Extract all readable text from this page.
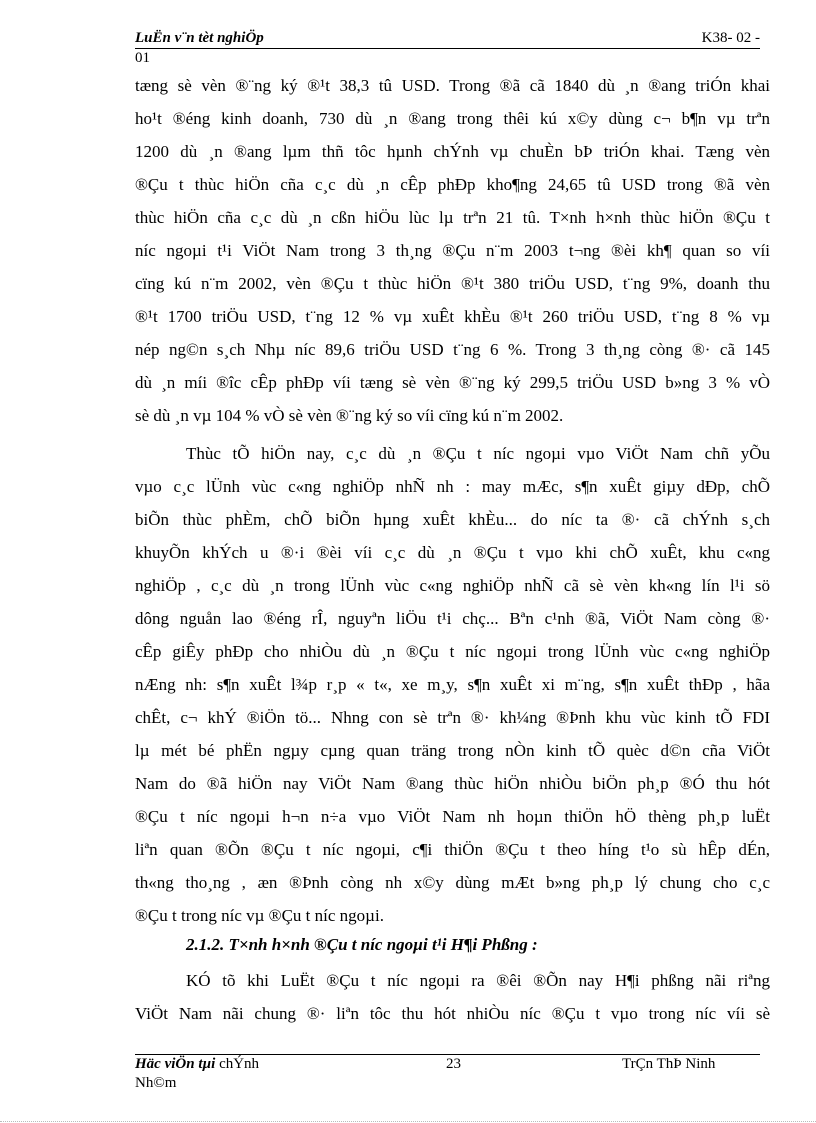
LuËn v¨n tèt nghiÖp	K38- 02 -
01
tæng sè vèn ®¨ng ký ®¹t 38,3 tû USD. Trong ®ã cã 1840 dù ¸n ®ang triÓn khai
ho¹t ®éng kinh doanh, 730 dù ¸n ®ang trong thêi kú x©y dùng c¬ b¶n vµ trªn
1200 dù ¸n ®ang lµm thñ tôc hµnh chÝnh vµ chuÈn bÞ triÓn khai. Tæng vèn
®Çu t thùc hiÖn cña c¸c dù ¸n cÊp phÐp kho¶ng 24,65 tû USD trong ®ã vèn
thùc hiÖn cña c¸c dù ¸n cßn hiÖu lùc lµ trªn 21 tû. T×nh h×nh thùc hiÖn ®Çu t
níc ngoµi t¹i ViÖt Nam trong 3 th¸ng ®Çu n¨m 2003 t¬ng ®èi kh¶ quan so víi
cïng kú n¨m 2002, vèn ®Çu t thùc hiÖn ®¹t 380 triÖu USD, t¨ng 9%, doanh thu
®¹t 1700 triÖu USD, t¨ng 12 % vµ xuÊt khÈu ®¹t 260 triÖu USD, t¨ng 8 % vµ
nép ng©n s¸ch Nhµ níc 89,6 triÖu USD t¨ng 6 %. Trong 3 th¸ng còng ®· cã 145
dù ¸n míi ®îc cÊp phÐp víi tæng sè vèn ®¨ng ký 299,5 triÖu USD b»ng 3 % vÒ
sè dù ¸n vµ 104 % vÒ sè vèn ®¨ng ký so víi cïng kú n¨m 2002.
Thùc tÕ hiÖn nay, c¸c dù ¸n ®Çu t níc ngoµi vµo ViÖt Nam chñ yÕu
vµo c¸c lÜnh vùc c«ng nghiÖp nhÑ nh : may mÆc, s¶n xuÊt giµy dÐp, chÕ
biÕn thùc phÈm, chÕ biÕn hµng xuÊt khÈu... do níc ta ®· cã chÝnh s¸ch
khuyÕn khÝch u ®·i ®èi víi c¸c dù ¸n ®Çu t vµo khi chÕ xuÊt, khu c«ng
nghiÖp , c¸c dù ¸n trong lÜnh vùc c«ng nghiÖp nhÑ cã sè vèn kh«ng lín l¹i sö
dông nguån lao ®éng rÎ, nguyªn liÖu t¹i chç... Bªn c¹nh ®ã, ViÖt Nam còng ®·
cÊp giÊy phÐp cho nhiÒu dù ¸n ®Çu t níc ngoµi trong lÜnh vùc c«ng nghiÖp
nÆng nh: s¶n xuÊt l¾p r¸p « t«, xe m¸y, s¶n xuÊt xi m¨ng, s¶n xuÊt thÐp , hãa
chÊt, c¬ khÝ ®iÖn tö... Nhng con sè trªn ®· kh¼ng ®Þnh khu vùc kinh tÕ FDI
lµ mét bé phËn ngµy cµng quan träng trong nÒn kinh tÕ quèc d©n cña ViÖt
Nam do ®ã hiÖn nay ViÖt Nam ®ang thùc hiÖn nhiÒu biÖn ph¸p ®Ó thu hót
®Çu t níc ngoµi h¬n n÷a vµo ViÖt Nam nh hoµn thiÖn hÖ thèng ph¸p luËt
liªn quan ®Õn ®Çu t níc ngoµi, c¶i thiÖn ®Çu t theo híng t¹o sù hÊp dÉn,
th«ng tho¸ng , æn ®Þnh còng nh x©y dùng mÆt b»ng ph¸p lý chung cho c¸c
®Çu t trong níc vµ ®Çu t níc ngoµi.
2.1.2. T×nh h×nh ®Çu t níc ngoµi t¹i H¶i Phßng :
KÓ tõ khi LuËt ®Çu t níc ngoµi ra ®êi ®Õn nay H¶i phßng nãi riªng
ViÖt Nam nãi chung ®· liªn tôc thu hót nhiÒu níc ®Çu t vµo trong níc víi sè
Häc viÖn tµi chÝnh
Nh©m
23	TrÇn ThÞ Ninh
